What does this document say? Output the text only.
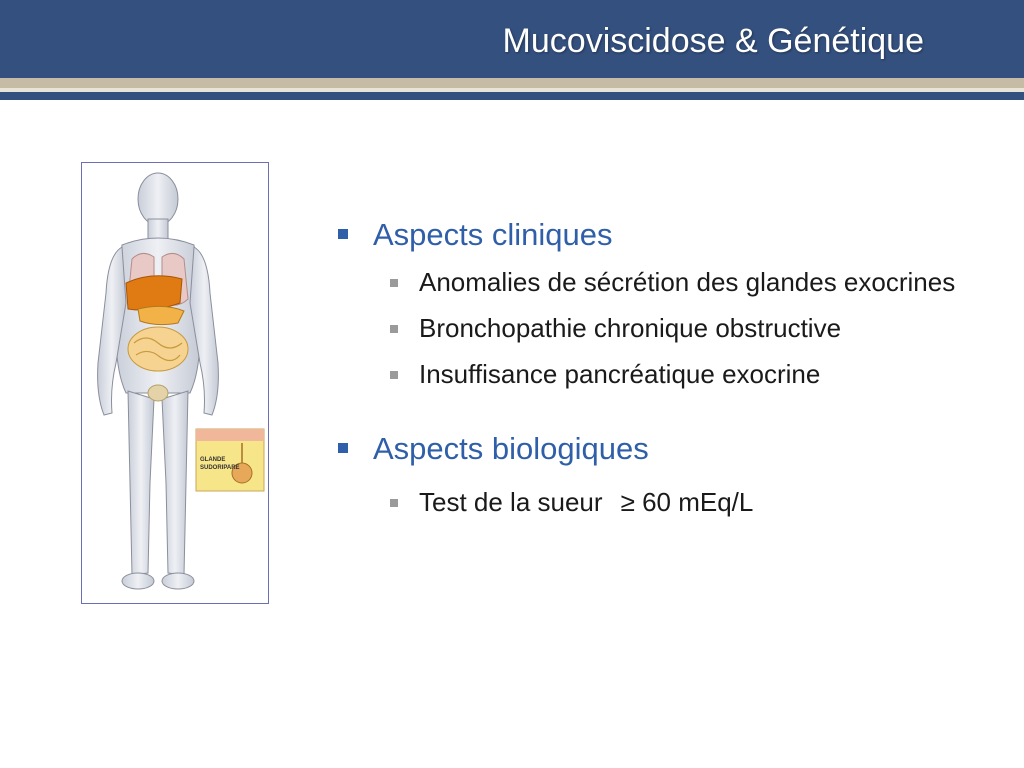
Mucoviscidose & Génétique
GLANDE
SUDORIPARE
Aspects cliniques
Anomalies de sécrétion des glandes exocrines
Bronchopathie chronique obstructive
Insuffisance pancréatique exocrine
Aspects biologiques
Test de la sueur ≥ 60 mEq/L
